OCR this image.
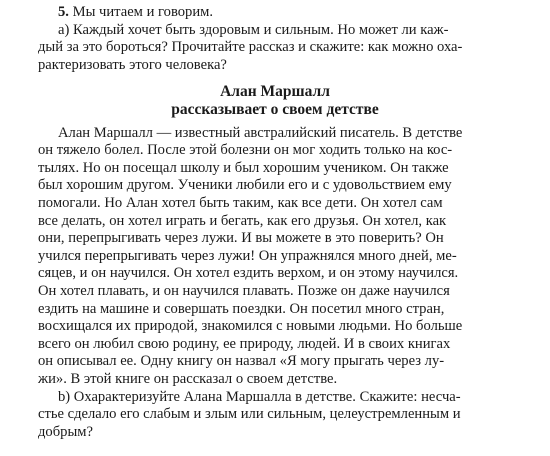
5. Мы читаем и говорим.
а) Каждый хочет быть здоровым и сильным. Но может ли каж-
дый за это бороться? Прочитайте рассказ и скажите: как можно оха-
рактеризовать этого человека?
Алан Маршалл
рассказывает о своем детстве
Алан Маршалл — известный австралийский писатель. В детстве
он тяжело болел. После этой болезни он мог ходить только на кос-
тылях. Но он посещал школу и был хорошим учеником. Он также
был хорошим другом. Ученики любили его и с удовольствием ему
помогали. Но Алан хотел быть таким, как все дети. Он хотел сам
все делать, он хотел играть и бегать, как его друзья. Он хотел, как
они, перепрыгивать через лужи. И вы можете в это поверить? Он
учился перепрыгивать через лужи! Он упражнялся много дней, ме-
сяцев, и он научился. Он хотел ездить верхом, и он этому научился.
Он хотел плавать, и он научился плавать. Позже он даже научился
ездить на машине и совершать поездки. Он посетил много стран,
восхищался их природой, знакомился с новыми людьми. Но больше
всего он любил свою родину, ее природу, людей. И в своих книгах
он описывал ее. Одну книгу он назвал «Я могу прыгать через лу-
жи». В этой книге он рассказал о своем детстве.
b) Охарактеризуйте Алана Маршалла в детстве. Скажите: несча-
стье сделало его слабым и злым или сильным, целеустремленным и
добрым?
